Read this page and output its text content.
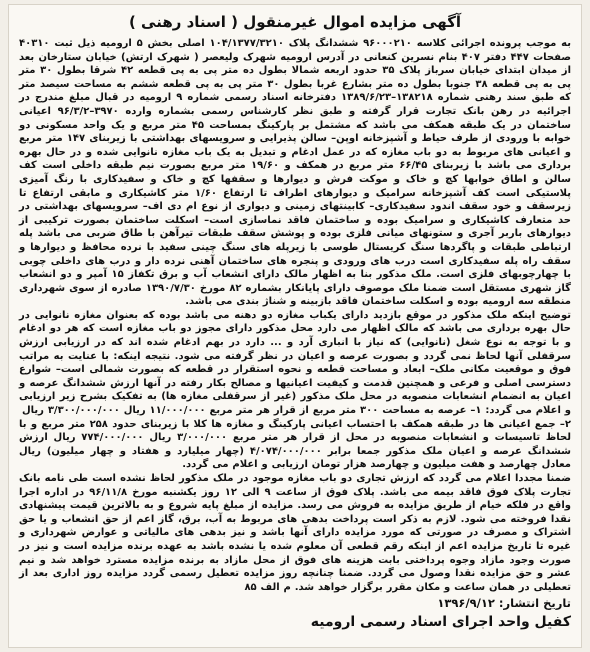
آگهی مزایده اموال غیرمنقول ( اسناد رهنی )

به موجب پرونده اجرائی کلاسه ۹۶۰۰۰۲۱۰ ششدانگ پلاک ۱۰۴/۱۳۷۷/۳۲۱۰ اصلی بخش ۵ ارومیه ذیل ثبت ۴۰۳۱۰ صفحات ۴۴۷ دفتر ۴۰۷ بنام نسرین کنعانی در آدرس ارومیه شهرک ولیعصر ( شهرک ارتش) خیابان ستارخان بعد از میدان ابتدای خیابان سرباز پلاک ۳۵ حدود اربعه شمالا بطول ده متر پی به پی قطعه ۴۲ شرقا بطول ۳۰ متر پی به پی قطعه ۳۸ جنوبا بطول ده متر بشارع غربا بطول ۳۰ متر پی به پی قطعه ششم به مساحت سیصد متر که طبق سند رهنی شماره ۱۳۸۲۱۸–۱۳۸۹/۶/۲۳ دفترخانه اسناد رسمی شماره ۹ ارومیه در قبال مبلغ مندرج در اجرائیه در رهن بانک تجارت قرار گرفته و طبق نظر کارشناس رسمی بشماره وارده ۳۹۷۰–۹۶/۳/۲ اعیانی ساختمان در یک طبقه همکف می باشد که مشتمل بر پارکینگ بمساحت ۴۵ متر مربع و یک واحد مسکونی دو خوابه با ورودی از طرف حیاط و آشپزخانه اوپن– سالن پذیرایی و سرویسهای بهداشتی با زیربنای ۱۴۷ متر مربع و اعیانی های مربوط به دو باب مغازه که در عمل ادغام و تبدیل به یک باب مغازه نانوایی شده و در حال بهره برداری می باشد با زیربنای ۶۶/۴۵ متر مربع در همکف و ۱۹/۶۰ متر مربع بصورت نیم طبقه داخلی است کف سالن و اطاق خوابها کچ و خاک و موکت فرش و دیوارها و سقفها کچ و خاک و سفیدکاری با رنگ آمیزی پلاستیکی است کف آشپزخانه سرامیک و دیوارهای اطراف تا ارتفاع ۱/۶۰ متر کاشیکاری و مابقی ارتفاع تا زیرسقف و خود سقف اندود سفیدکاری– کابینتهای زمینی و دیواری از نوع ام دی اف– سرویسهای بهداشتی در حد متعارف کاشیکاری و سرامیک بوده و ساختمان فاقد نماسازی است– اسکلت ساختمان بصورت ترکیبی از دیوارهای باربر آجری و ستونهای میانی فلزی بوده و پوشش سقف طبقات تیرآهن با طاق ضربی می باشد پله ارتباطی طبقات و پاگردها سنگ کریستال طوسی با زیرپله های سنگ چینی سفید با نرده محافظ و دیوارها و سقف راه پله سفیدکاری است درب های ورودی و پنجره های ساختمان آهنی نرده دار و درب های داخلی چوبی با چهارچوبهای فلزی است. ملک مذکور بنا به اظهار مالک دارای انشعاب آب و برق تکفاز ۱۵ آمپر و دو انشعاب گاز شهری مستقل است ضمنا ملک موصوف دارای پایانکار بشماره ۸۲ مورخ ۱۳۹۰/۷/۳۰ صادره از سوی شهرداری منطقه سه ارومیه بوده و اسکلت ساختمان فاقد بازبینه و شناژ بندی می باشد.

توضیح اینکه ملک مذکور در موقع بازدید دارای یکباب مغازه دو دهنه می باشد بوده که بعنوان مغازه نانوایی در حال بهره برداری می باشد که مالک اظهار می دارد محل مذکور دارای مجوز دو باب مغازه است که هر دو ادغام و با توجه به نوع شغل (نانوایی) که نیاز با انباری آرد و ... دارد در بهم ادغام شده اند که در ارزیابی ارزش سرقفلی آنها لحاظ نمی گردد و بصورت عرصه و اعیان در نظر گرفته می شود. نتیجه اینکه: با عنایت به مراتب فوق و موقعیت مکانی ملک– ابعاد و مساحت قطعه و نحوه استقرار در قطعه که بصورت شمالی است– شوارع دسترسی اصلی و فرعی و همچنین قدمت و کیفیت اعیانیها و مصالح بکار رفته در آنها ارزش ششدانگ عرصه و اعیان به انضمام انشعابات منصوبه در محل ملک مذکور (غیر از سرقفلی مغازه ها) به تفکیک بشرح زیر ارزیابی و اعلام می گردد: ۱– عرصه به مساحت ۳۰۰ متر مربع از قرار هر متر مربع ۱۱/۰۰۰/۰۰۰ ریال ۳/۳۰۰/۰۰۰/۰۰۰ ریال

۲– جمع اعیانی ها در طبقه همکف با احتساب اعیانی پارکینگ و مغازه ها کلا با زیربنای حدود ۲۵۸ متر مربع و با لحاظ تاسیسات و انشعابات منصوبه در محل از قرار هر متر مربع ۳/۰۰۰/۰۰۰ ریال ۷۷۴/۰۰۰/۰۰۰ ریال ارزش ششدانگ عرصه و اعیان ملک مذکور جمعا برابر ۴/۰۷۴/۰۰۰/۰۰۰ (چهار میلیارد و هفتاد و چهار میلیون) ریال معادل چهارصد و هفت میلیون و چهارصد هزار تومان ارزیابی و اعلام می گردد.

ضمنا مجددا اعلام می گردد که ارزش تجاری دو باب مغازه موجود در ملک مذکور لحاظ نشده است طی نامه بانک تجارت پلاک فوق فاقد بیمه می باشد. پلاک فوق از ساعت ۹ الی ۱۲ روز یکشنبه مورخ ۹۶/۱۱/۸ در اداره اجرا واقع در فلکه خیام از طریق مزایده به فروش می رسد. مزایده از مبلغ پایه شروع و به بالاترین قیمت پیشنهادی نقدا فروخته می شود. لازم به ذکر است پرداخت بدهی های مربوط به آب، برق، گاز اعم از حق انشعاب و یا حق اشتراک و مصرف در صورتی که مورد مزایده دارای آنها باشد و نیز بدهی های مالیاتی و عوارض شهرداری و غیره تا تاریخ مزایده اعم از اینکه رقم قطعی آن معلوم شده یا نشده باشد به عهده برنده مزایده است و نیز در صورت وجود مازاد وجوه پرداختی بابت هزینه های فوق از محل مازاد به برنده مزایده مسترد خواهد شد و نیم عشر و حق مزایده نقدا وصول می گردد. ضمنا چنانچه روز مزایده تعطیل رسمی گردد مزایده روز اداری بعد از تعطیلی در همان ساعت و مکان مقرر برگزار خواهد شد. م الف ۸۵

تاریخ انتشار: ۱۳۹۶/۹/۱۲
کفیل واحد اجرای اسناد رسمی ارومیه
